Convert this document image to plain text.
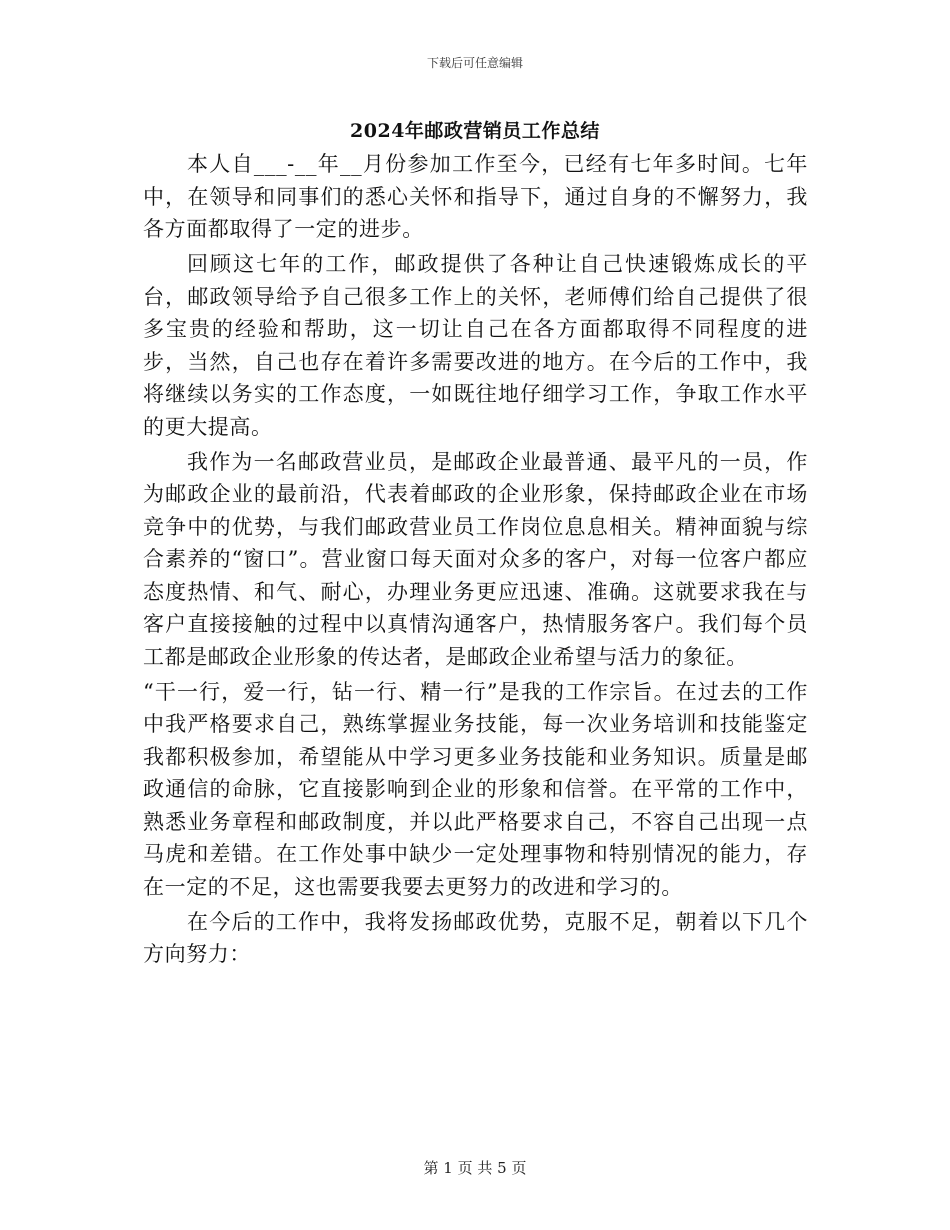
下载后可任意编辑
2024年邮政营销员工作总结

本人自___-__年__月份参加工作至今，已经有七年多时间。七年中，在领导和同事们的悉心关怀和指导下，通过自身的不懈努力，我各方面都取得了一定的进步。

回顾这七年的工作，邮政提供了各种让自己快速锻炼成长的平台，邮政领导给予自己很多工作上的关怀，老师傅们给自己提供了很多宝贵的经验和帮助，这一切让自己在各方面都取得不同程度的进步，当然，自己也存在着许多需要改进的地方。在今后的工作中，我将继续以务实的工作态度，一如既往地仔细学习工作，争取工作水平的更大提高。

我作为一名邮政营业员，是邮政企业最普通、最平凡的一员，作为邮政企业的最前沿，代表着邮政的企业形象，保持邮政企业在市场竞争中的优势，与我们邮政营业员工作岗位息息相关。精神面貌与综合素养的“窗口”。营业窗口每天面对众多的客户，对每一位客户都应态度热情、和气、耐心，办理业务更应迅速、准确。这就要求我在与客户直接接触的过程中以真情沟通客户，热情服务客户。我们每个员工都是邮政企业形象的传达者，是邮政企业希望与活力的象征。

“干一行，爱一行，钻一行、精一行”是我的工作宗旨。在过去的工作中我严格要求自己，熟练掌握业务技能，每一次业务培训和技能鉴定我都积极参加，希望能从中学习更多业务技能和业务知识。质量是邮政通信的命脉，它直接影响到企业的形象和信誉。在平常的工作中，熟悉业务章程和邮政制度，并以此严格要求自己，不容自己出现一点马虎和差错。在工作处事中缺少一定处理事物和特别情况的能力，存在一定的不足，这也需要我要去更努力的改进和学习的。

在今后的工作中，我将发扬邮政优势，克服不足，朝着以下几个方向努力：

第 1 页 共 5 页
